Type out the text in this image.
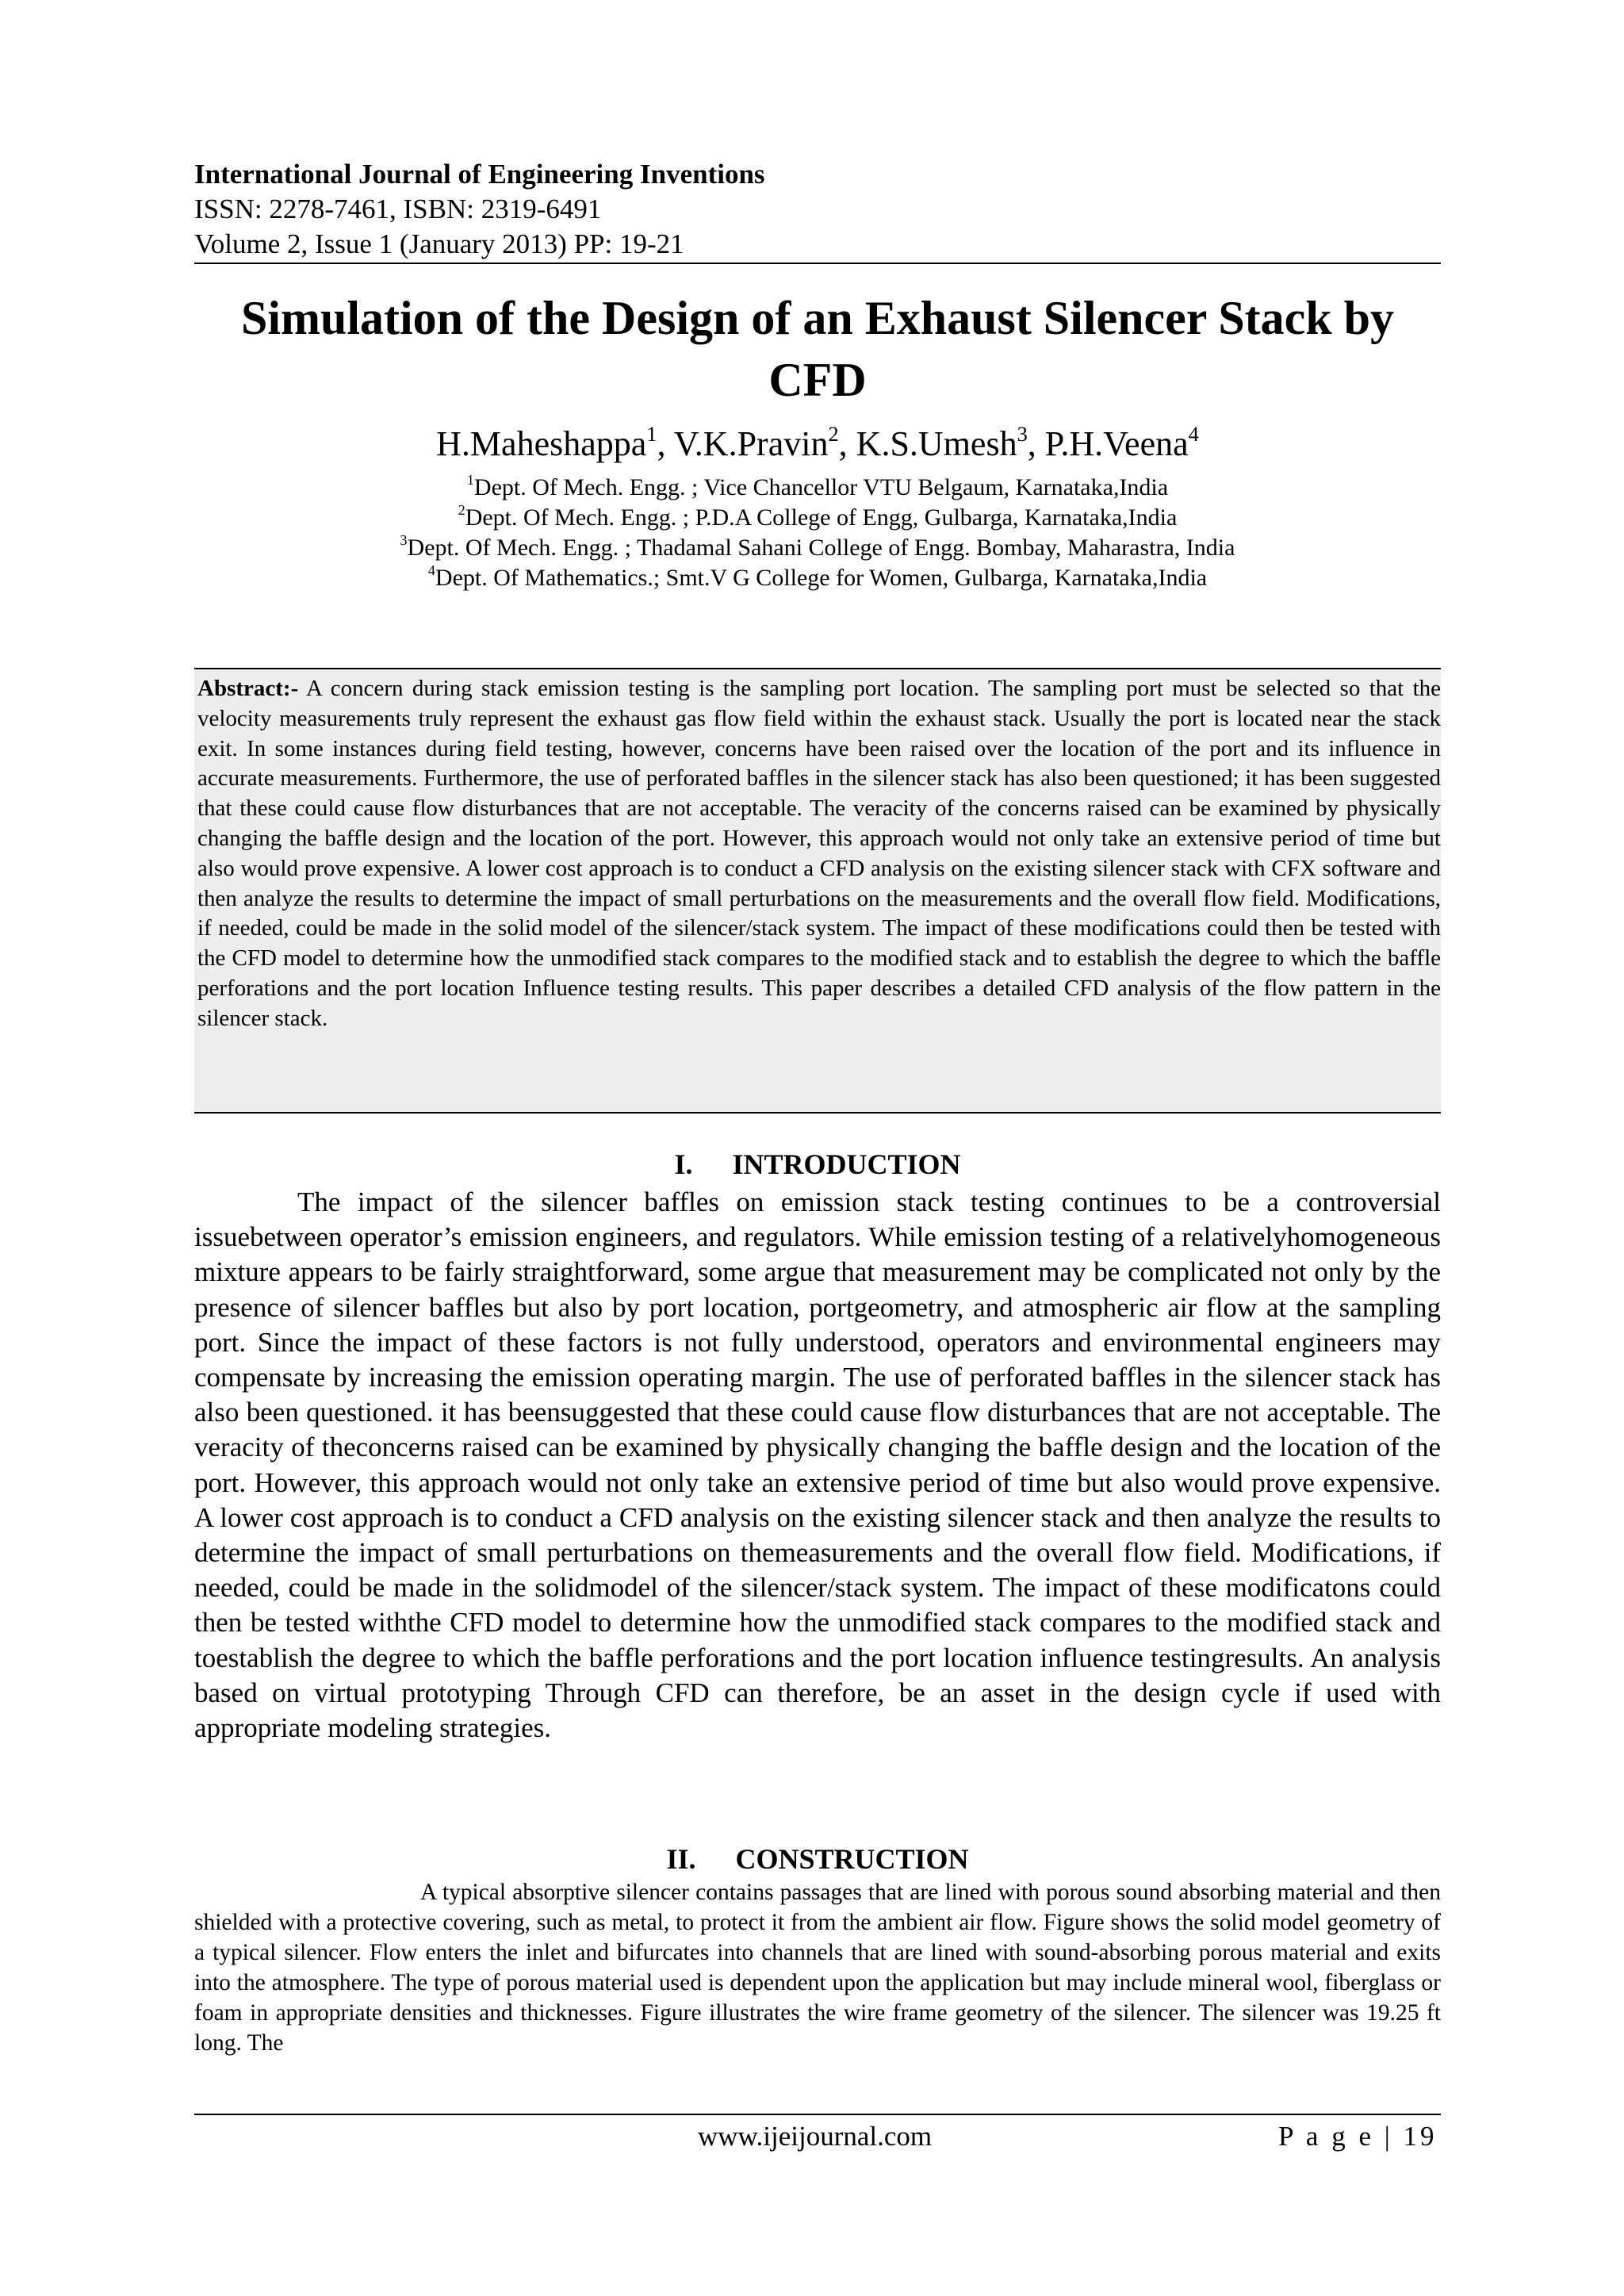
International Journal of Engineering Inventions
ISSN: 2278-7461, ISBN: 2319-6491
Volume 2, Issue 1 (January 2013) PP: 19-21
Simulation of the Design of an Exhaust Silencer Stack by CFD
H.Maheshappa$^1$, V.K.Pravin$^2$, K.S.Umesh$^3$, P.H.Veena$^4$
$^1$Dept. Of Mech. Engg. ; Vice Chancellor VTU Belgaum, Karnataka,India
$^2$Dept. Of Mech. Engg. ; P.D.A College of Engg, Gulbarga, Karnataka,India
$^3$Dept. Of Mech. Engg. ; Thadamal Sahani College of Engg. Bombay, Maharastra, India
$^4$Dept. Of Mathematics.; Smt.V G College for Women, Gulbarga, Karnataka,India

Abstract:- A concern during stack emission testing is the sampling port location. The sampling port must be selected so that the velocity measurements truly represent the exhaust gas flow field within the exhaust stack. Usually the port is located near the stack exit. In some instances during field testing, however, concerns have been raised over the location of the port and its influence in accurate measurements. Furthermore, the use of perforated baffles in the silencer stack has also been questioned; it has been suggested that these could cause flow disturbances that are not acceptable. The veracity of the concerns raised can be examined by physically changing the baffle design and the location of the port. However, this approach would not only take an extensive period of time but also would prove expensive. A lower cost approach is to conduct a CFD analysis on the existing silencer stack with CFX software and then analyze the results to determine the impact of small perturbations on the measurements and the overall flow field. Modifications, if needed, could be made in the solid model of the silencer/stack system. The impact of these modifications could then be tested with the CFD model to determine how the unmodified stack compares to the modified stack and to establish the degree to which the baffle perforations and the port location Influence testing results. This paper describes a detailed CFD analysis of the flow pattern in the silencer stack.

I. INTRODUCTION

The impact of the silencer baffles on emission stack testing continues to be a controversial issuebetween operator’s emission engineers, and regulators. While emission testing of a relativelyhomogeneous mixture appears to be fairly straightforward, some argue that measurement may be complicated not only by the presence of silencer baffles but also by port location, portgeometry, and atmospheric air flow at the sampling port. Since the impact of these factors is not fully understood, operators and environmental engineers may compensate by increasing the emission operating margin. The use of perforated baffles in the silencer stack has also been questioned. it has beensuggested that these could cause flow disturbances that are not acceptable. The veracity of theconcerns raised can be examined by physically changing the baffle design and the location of the port. However, this approach would not only take an extensive period of time but also would prove expensive. A lower cost approach is to conduct a CFD analysis on the existing silencer stack and then analyze the results to determine the impact of small perturbations on themeasurements and the overall flow field. Modifications, if needed, could be made in the solidmodel of the silencer/stack system. The impact of these modificatons could then be tested withthe CFD model to determine how the unmodified stack compares to the modified stack and toestablish the degree to which the baffle perforations and the port location influence testingresults. An analysis based on virtual prototyping Through CFD can therefore, be an asset in the design cycle if used with appropriate modeling strategies.

II. CONSTRUCTION

A typical absorptive silencer contains passages that are lined with porous sound absorbing material and then shielded with a protective covering, such as metal, to protect it from the ambient air flow. Figure shows the solid model geometry of a typical silencer. Flow enters the inlet and bifurcates into channels that are lined with sound-absorbing porous material and exits into the atmosphere. The type of porous material used is dependent upon the application but may include mineral wool, fiberglass or foam in appropriate densities and thicknesses. Figure illustrates the wire frame geometry of the silencer. The silencer was 19.25 ft long. The

www.ijeijournal.com	P a g e | 19
